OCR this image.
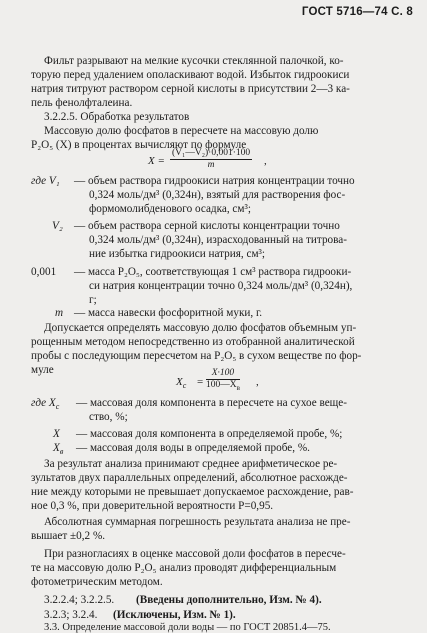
ГОСТ 5716—74 С. 8
Фильт разрывают на мелкие кусочки стеклянной палочкой, ко-
торую перед удалением ополаскивают водой. Избыток гидроокиси
натрия титруют раствором серной кислоты в присутствии 2—3 ка-
пель фенолфталеина.
3.2.2.5. Обработка результатов
Массовую долю фосфатов в пересчете на массовую долю
P₂O₅ (X) в процентах вычисляют по формуле
$X = \frac{\text{(V₁—V₂)·0,001·100}}{m}$ ,
где V₁ — объем раствора гидроокиси натрия концентрации точно
0,324 моль/дм³ (0,324н), взятый для растворения фос-
формомолибденового осадка, см³;
V₂ — объем раствора серной кислоты концентрации точно
0,324 моль/дм³ (0,324н), израсходованный на титрова-
ние избытка гидроокиси натрия, см³;
0,001 — масса P₂O₅, соответствующая 1 см³ раствора гидрооки-
си натрия концентрации точно 0,324 моль/дм³ (0,324н),
г;
m — масса навески фосфоритной муки, г.
Допускается определять массовую долю фосфатов объемным уп-
рощенным методом непосредственно из отобранной аналитической
пробы с последующим пересчетом на P₂O₅ в сухом веществе по фор-
муле
$X_c$ =
X·100
$100—X_в$ ,
где $X_c$ — массовая доля компонента в пересчете на сухое веще-
ство, %;
X — массовая доля компонента в определяемой пробе, %;
$X_в$ — массовая доля воды в определяемой пробе, %.
За результат анализа принимают среднее арифметическое ре-
зультатов двух параллельных определений, абсолютное расхожде-
ние между которыми не превышает допускаемое расхождение, рав-
ное 0,3 %, при доверительной вероятности P=0,95.
Абсолютная суммарная погрешность результата анализа не пре-
вышает ±0,2 %.
При разногласиях в оценке массовой доли фосфатов в пересче-
те на массовую долю P₂O₅ анализ проводят дифференциальным
фотометрическим методом.
3.2.2.4; 3.2.2.5. (Введены дополнительно, Изм. № 4).
3.2.3; 3.2.4. (Исключены, Изм. № 1).
3.3. Определение массовой доли воды — по ГОСТ 20851.4—75.
